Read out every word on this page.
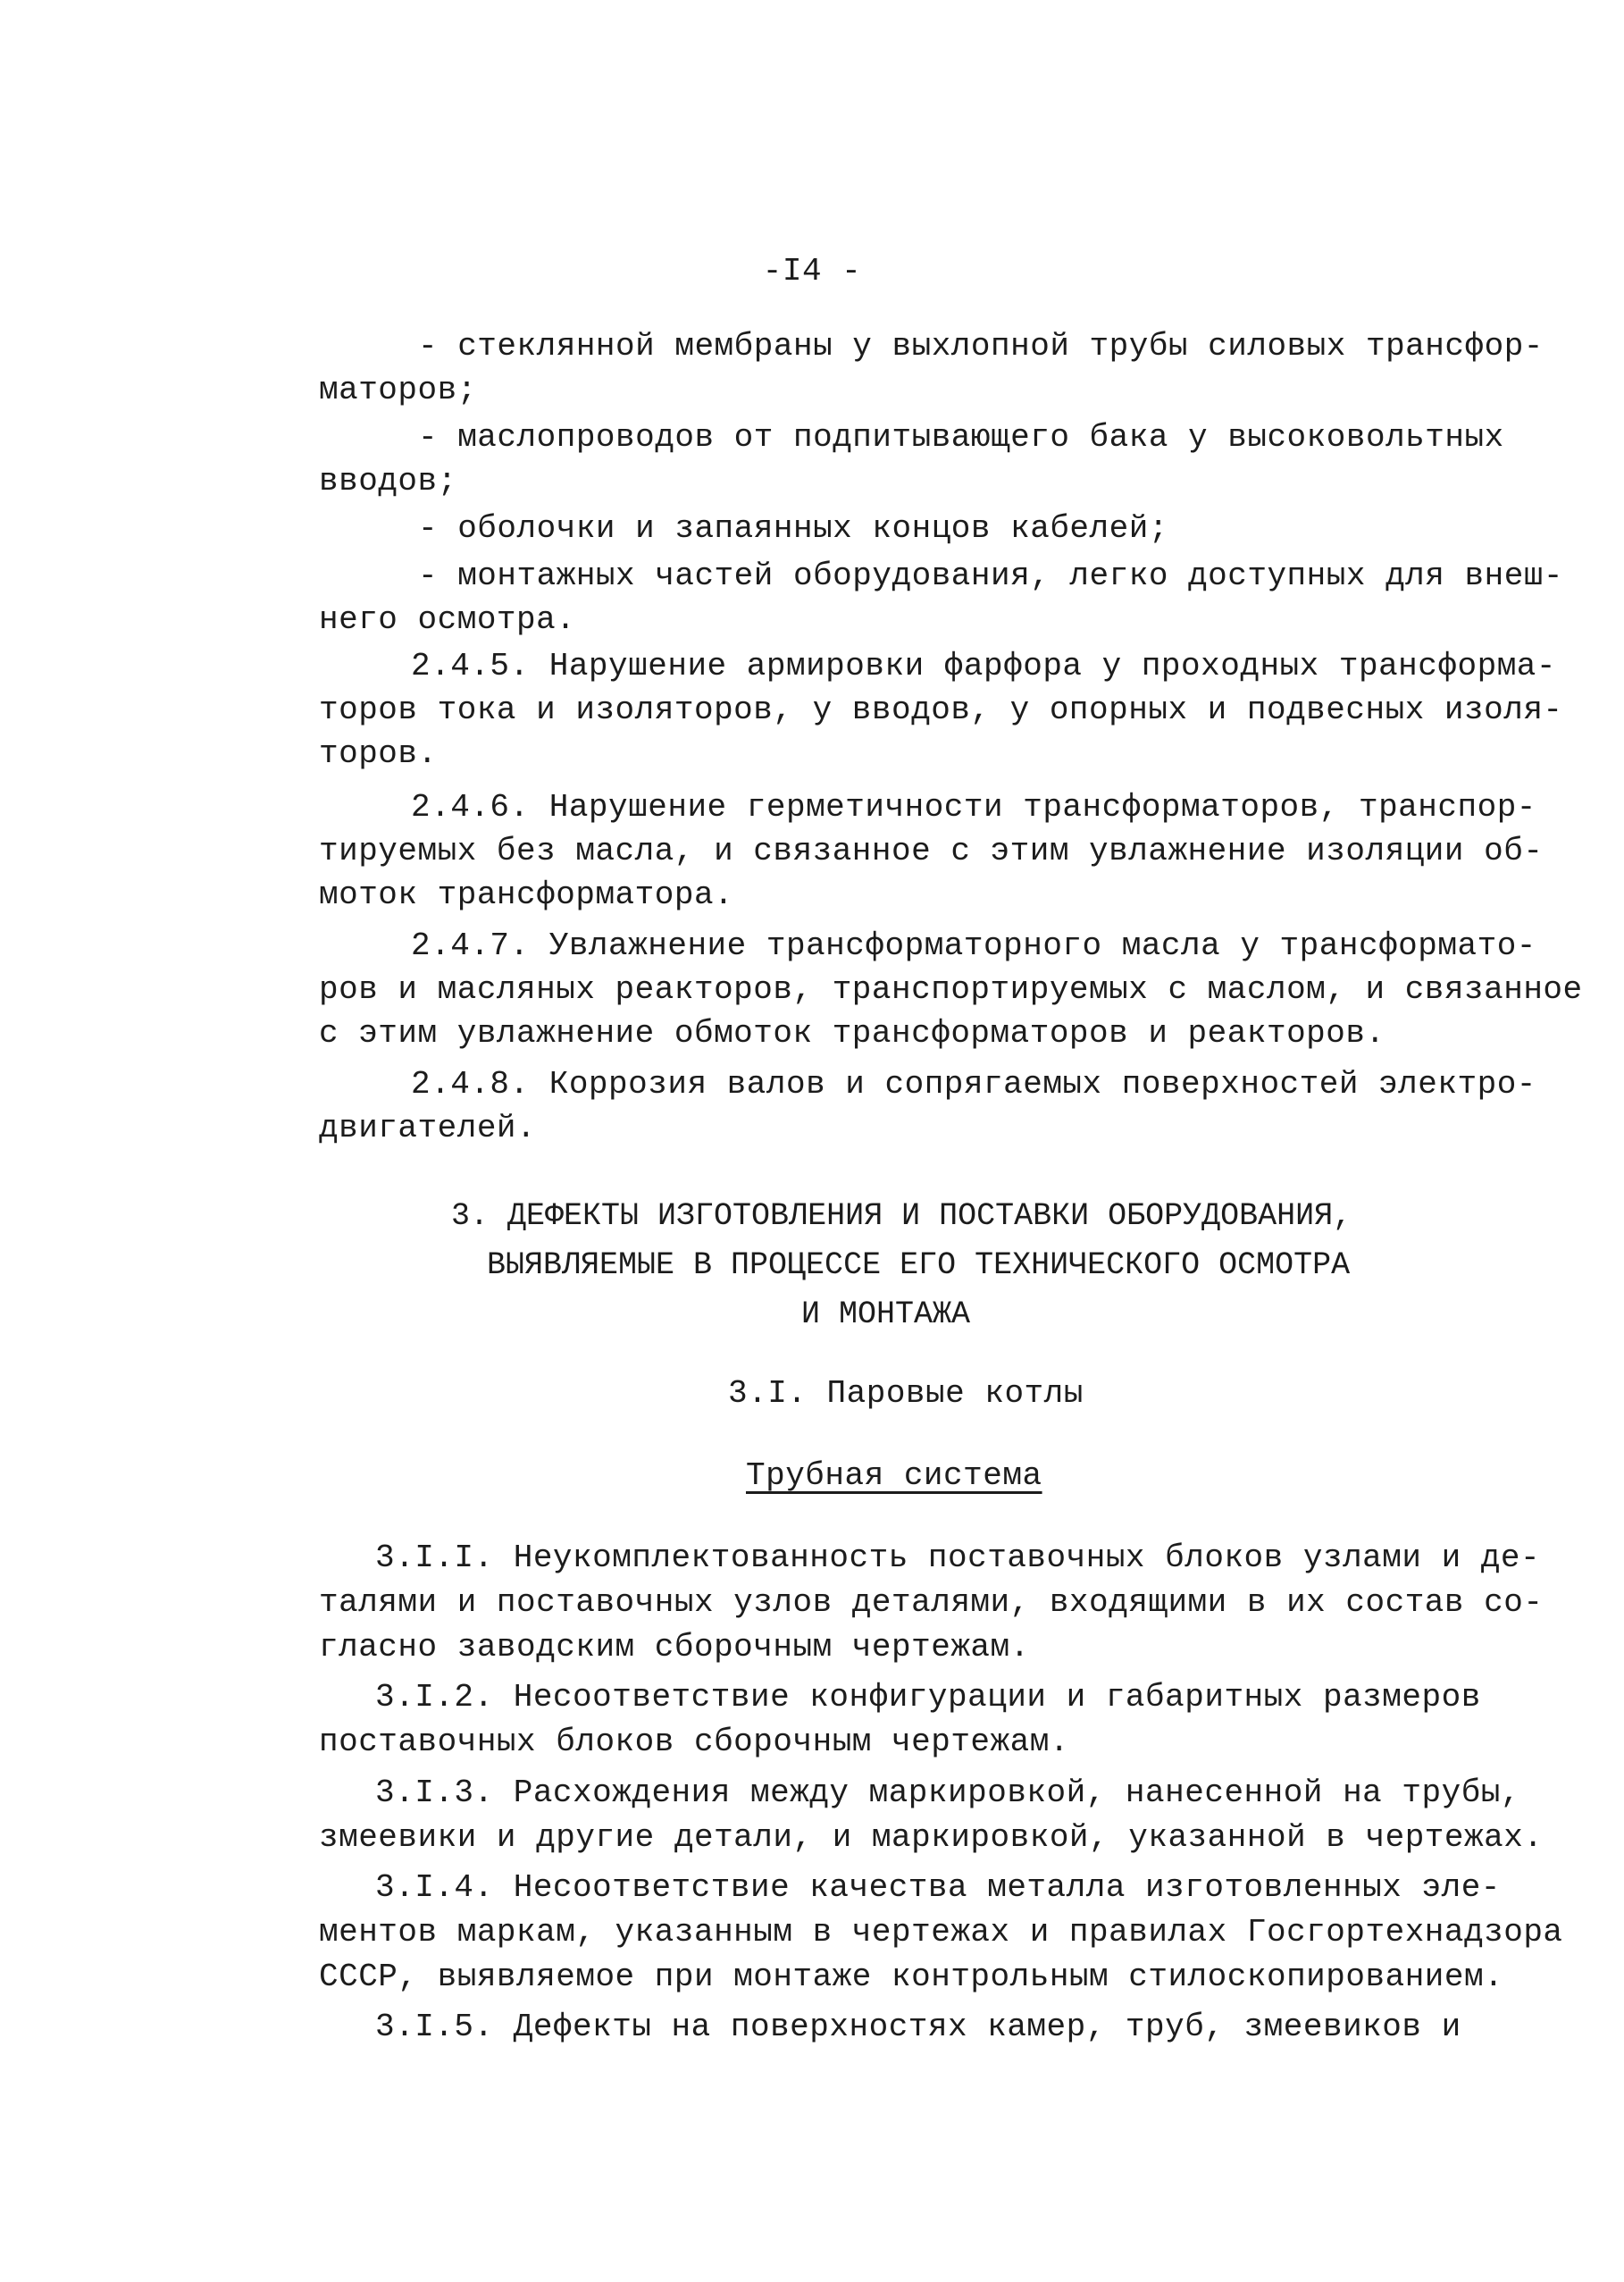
-I4 -
- стеклянной мембраны у выхлопной трубы силовых трансфор-
маторов;
- маслопроводов от подпитывающего бака у высоковольтных
вводов;
- оболочки и запаянных концов кабелей;
- монтажных частей оборудования, легко доступных для внеш-
него осмотра.
2.4.5. Нарушение армировки фарфора у проходных трансформа-
торов тока и изоляторов, у вводов, у опорных и подвесных изоля-
торов.
2.4.6. Нарушение герметичности трансформаторов, транспор-
тируемых без масла, и связанное с этим увлажнение изоляции об-
моток трансформатора.
2.4.7. Увлажнение трансформаторного масла у трансформато-
ров и масляных реакторов, транспортируемых с маслом, и связанное
с этим увлажнение обмоток трансформаторов и реакторов.
2.4.8. Коррозия валов и сопрягаемых поверхностей электро-
двигателей.
3. ДЕФЕКТЫ ИЗГОТОВЛЕНИЯ И ПОСТАВКИ ОБОРУДОВАНИЯ,
ВЫЯВЛЯЕМЫЕ В ПРОЦЕССЕ ЕГО ТЕХНИЧЕСКОГО ОСМОТРА
И МОНТАЖА
3.I. Паровые котлы
Трубная система
3.I.I. Неукомплектованность поставочных блоков узлами и де-
талями и поставочных узлов деталями, входящими в их состав со-
гласно заводским сборочным чертежам.
3.I.2. Несоответствие конфигурации и габаритных размеров
поставочных блоков сборочным чертежам.
3.I.3. Расхождения между маркировкой, нанесенной на трубы,
змеевики и другие детали, и маркировкой, указанной в чертежах.
3.I.4. Несоответствие качества металла изготовленных эле-
ментов маркам, указанным в чертежах и правилах Госгортехнадзора
СССР, выявляемое при монтаже контрольным стилоскопированием.
3.I.5. Дефекты на поверхностях камер, труб, змеевиков и
